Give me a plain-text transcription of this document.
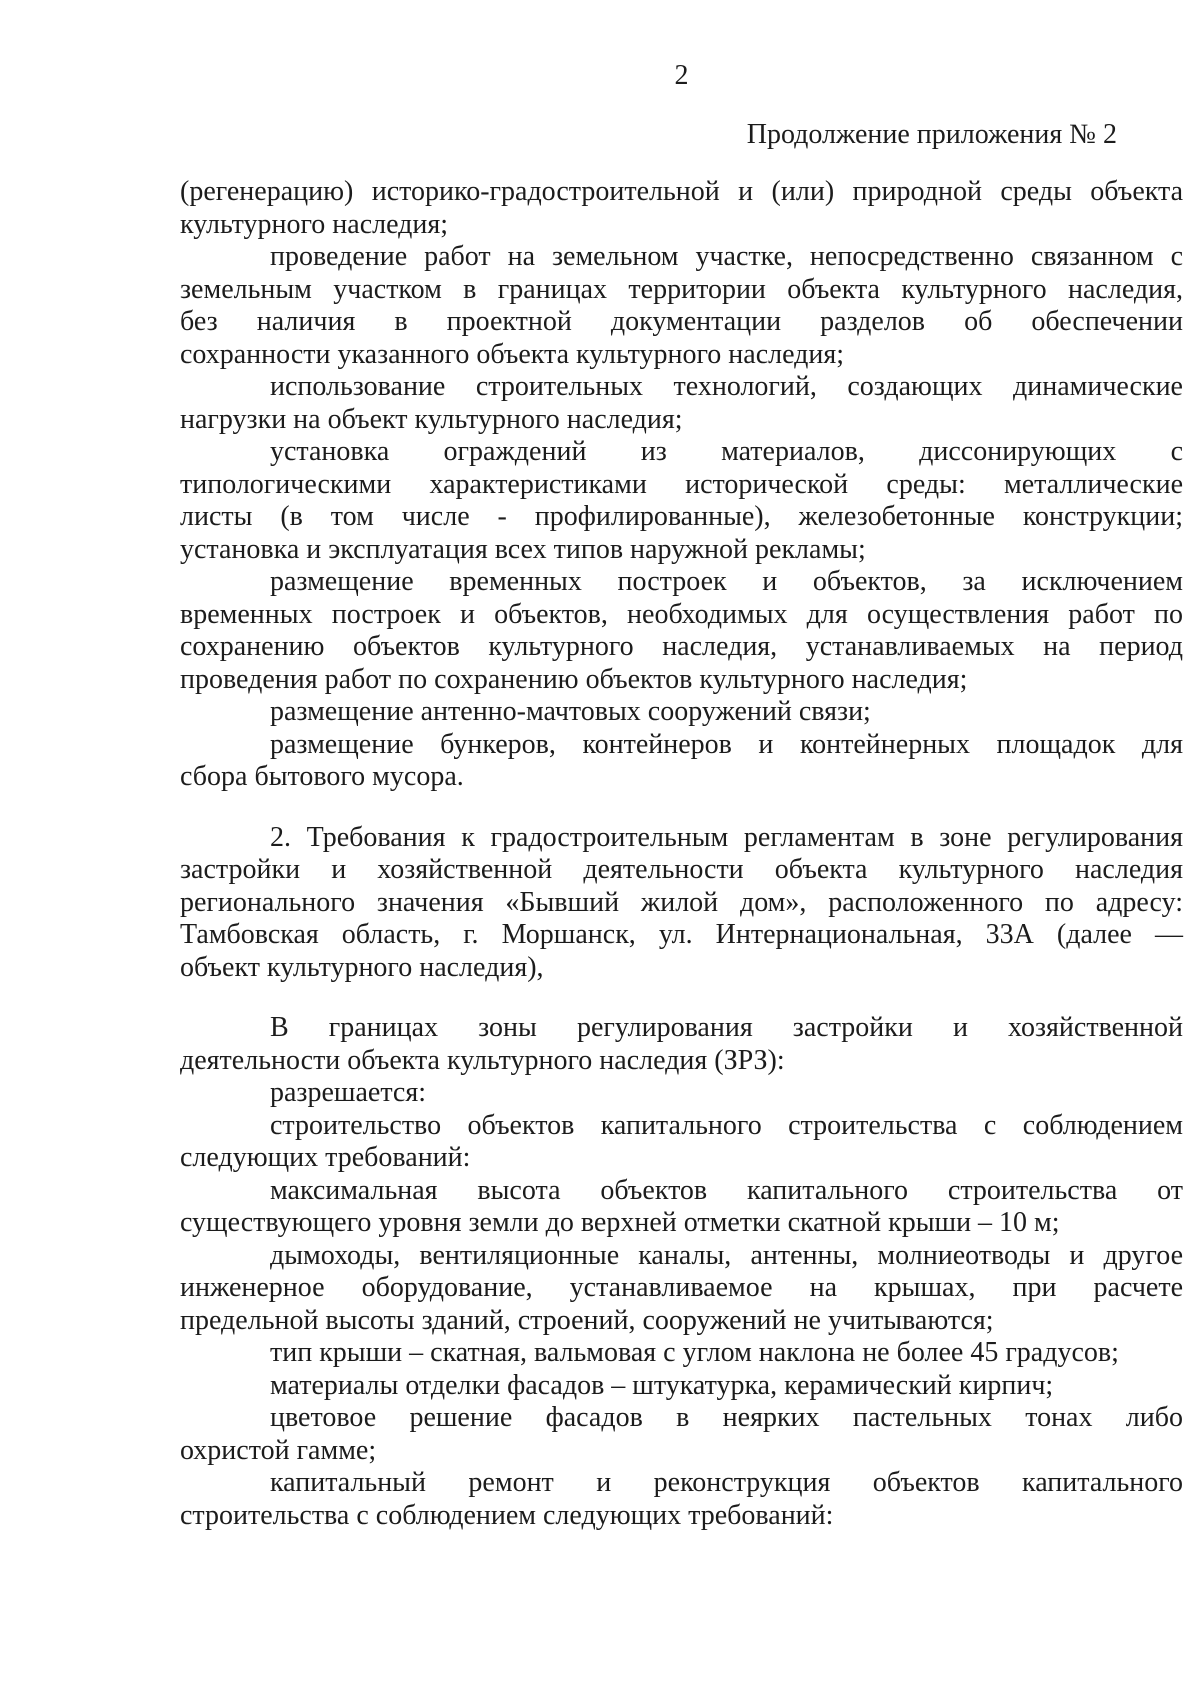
2
Продолжение приложения № 2
(регенерацию) историко-градостроительной и (или) природной среды объекта
культурного наследия;
проведение работ на земельном участке, непосредственно связанном с
земельным участком в границах территории объекта культурного наследия,
без наличия в проектной документации разделов об обеспечении
сохранности указанного объекта культурного наследия;
использование строительных технологий, создающих динамические
нагрузки на объект культурного наследия;
установка ограждений из материалов, диссонирующих с
типологическими характеристиками исторической среды: металлические
листы (в том числе - профилированные), железобетонные конструкции;
установка и эксплуатация всех типов наружной рекламы;
размещение временных построек и объектов, за исключением
временных построек и объектов, необходимых для осуществления работ по
сохранению объектов культурного наследия, устанавливаемых на период
проведения работ по сохранению объектов культурного наследия;
размещение антенно-мачтовых сооружений связи;
размещение бункеров, контейнеров и контейнерных площадок для
сбора бытового мусора.
2. Требования к градостроительным регламентам в зоне регулирования
застройки и хозяйственной деятельности объекта культурного наследия
регионального значения «Бывший жилой дом», расположенного по адресу:
Тамбовская область, г. Моршанск, ул. Интернациональная, 33А (далее —
объект культурного наследия),
В границах зоны регулирования застройки и хозяйственной
деятельности объекта культурного наследия (ЗРЗ):
разрешается:
строительство объектов капитального строительства с соблюдением
следующих требований:
максимальная высота объектов капитального строительства от
существующего уровня земли до верхней отметки скатной крыши – 10 м;
дымоходы, вентиляционные каналы, антенны, молниеотводы и другое
инженерное оборудование, устанавливаемое на крышах, при расчете
предельной высоты зданий, строений, сооружений не учитываются;
тип крыши – скатная, вальмовая с углом наклона не более 45 градусов;
материалы отделки фасадов – штукатурка, керамический кирпич;
цветовое решение фасадов в неярких пастельных тонах либо
охристой гамме;
капитальный ремонт и реконструкция объектов капитального
строительства с соблюдением следующих требований:
